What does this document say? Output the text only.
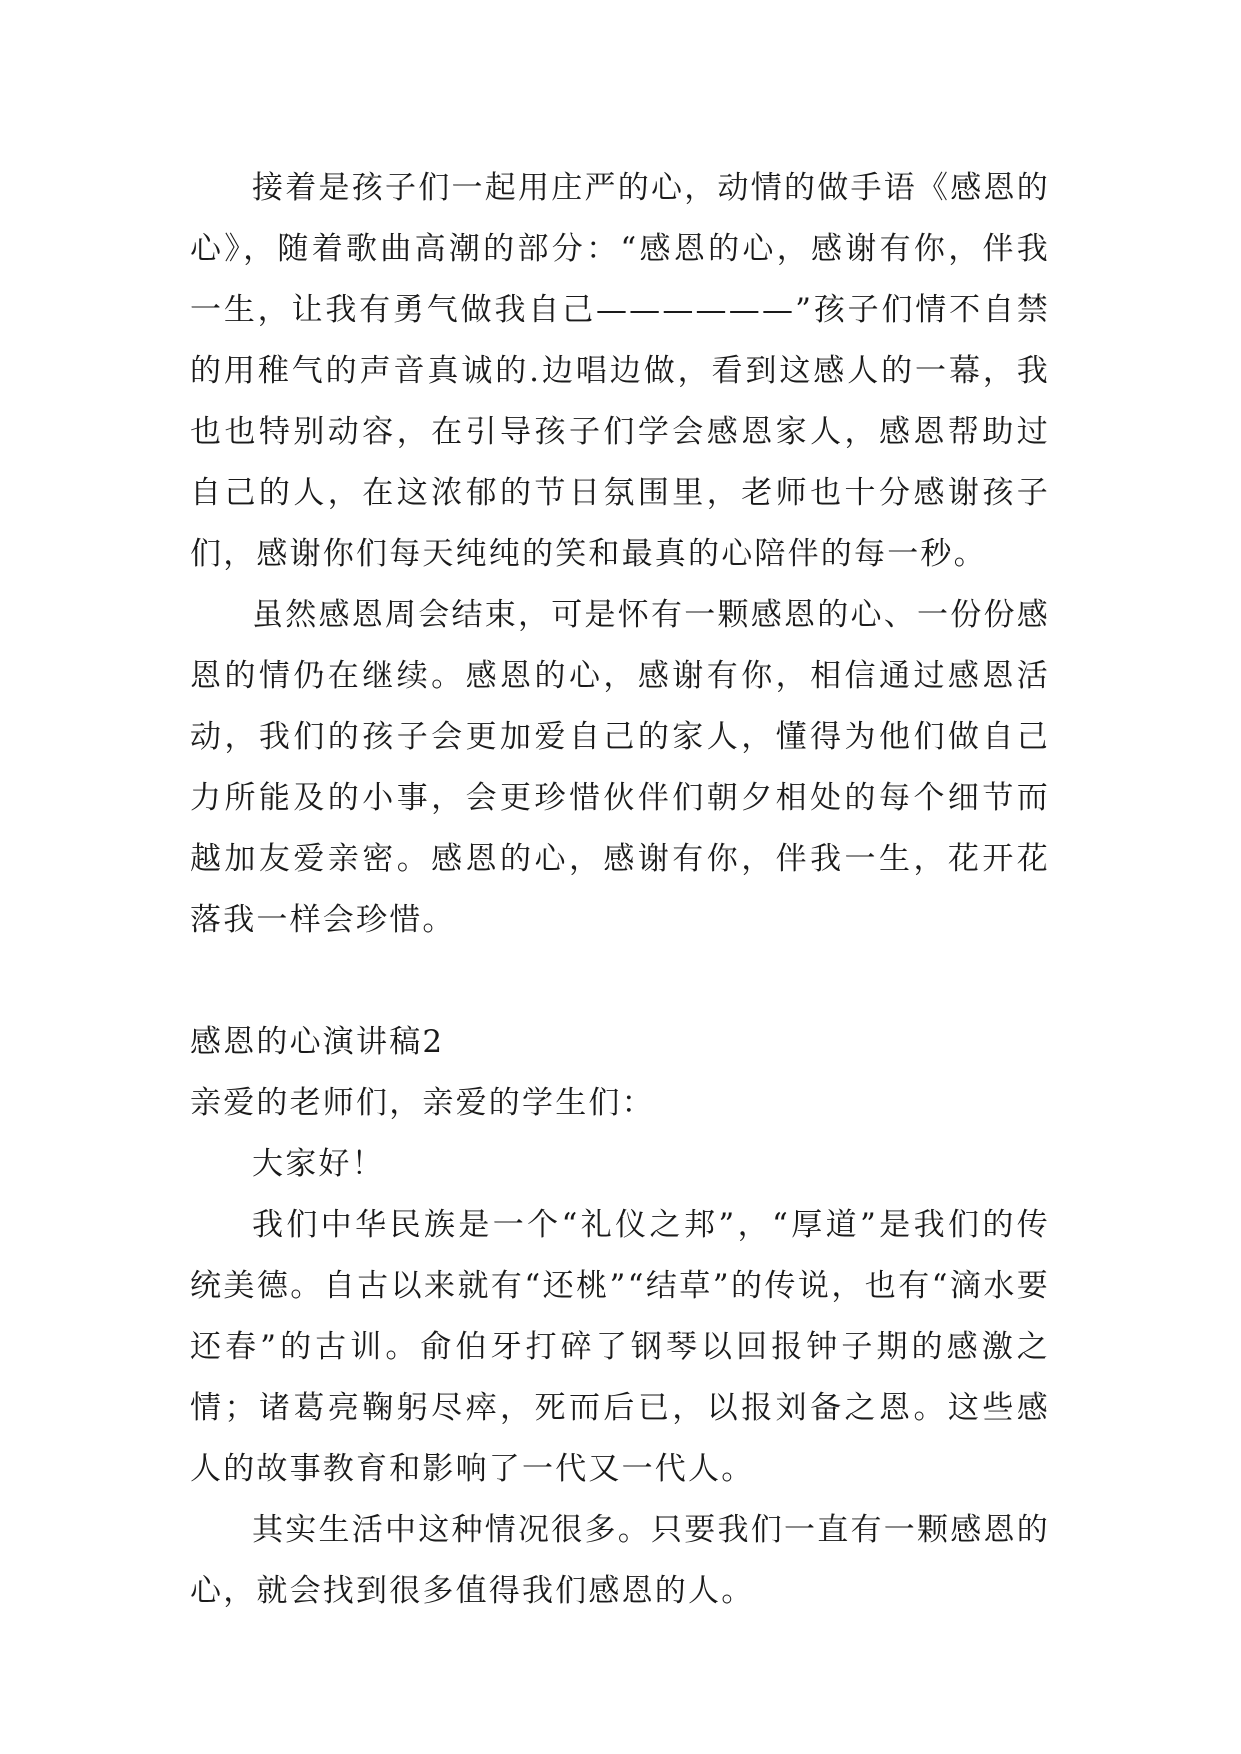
接着是孩子们一起用庄严的心，动情的做手语《感恩的心》，随着歌曲高潮的部分：“感恩的心，感谢有你，伴我一生，让我有勇气做我自己——————”孩子们情不自禁的用稚气的声音真诚的.边唱边做，看到这感人的一幕，我也也特别动容，在引导孩子们学会感恩家人，感恩帮助过自己的人，在这浓郁的节日氛围里，老师也十分感谢孩子们，感谢你们每天纯纯的笑和最真的心陪伴的每一秒。

虽然感恩周会结束，可是怀有一颗感恩的心、一份份感恩的情仍在继续。感恩的心，感谢有你，相信通过感恩活动，我们的孩子会更加爱自己的家人，懂得为他们做自己力所能及的小事，会更珍惜伙伴们朝夕相处的每个细节而越加友爱亲密。感恩的心，感谢有你，伴我一生，花开花落我一样会珍惜。

感恩的心演讲稿2

亲爱的老师们，亲爱的学生们：

大家好！

我们中华民族是一个“礼仪之邦”，“厚道”是我们的传统美德。自古以来就有“还桃”“结草”的传说，也有“滴水要还春”的古训。俞伯牙打碎了钢琴以回报钟子期的感激之情；诸葛亮鞠躬尽瘁，死而后已，以报刘备之恩。这些感人的故事教育和影响了一代又一代人。

其实生活中这种情况很多。只要我们一直有一颗感恩的心，就会找到很多值得我们感恩的人。
